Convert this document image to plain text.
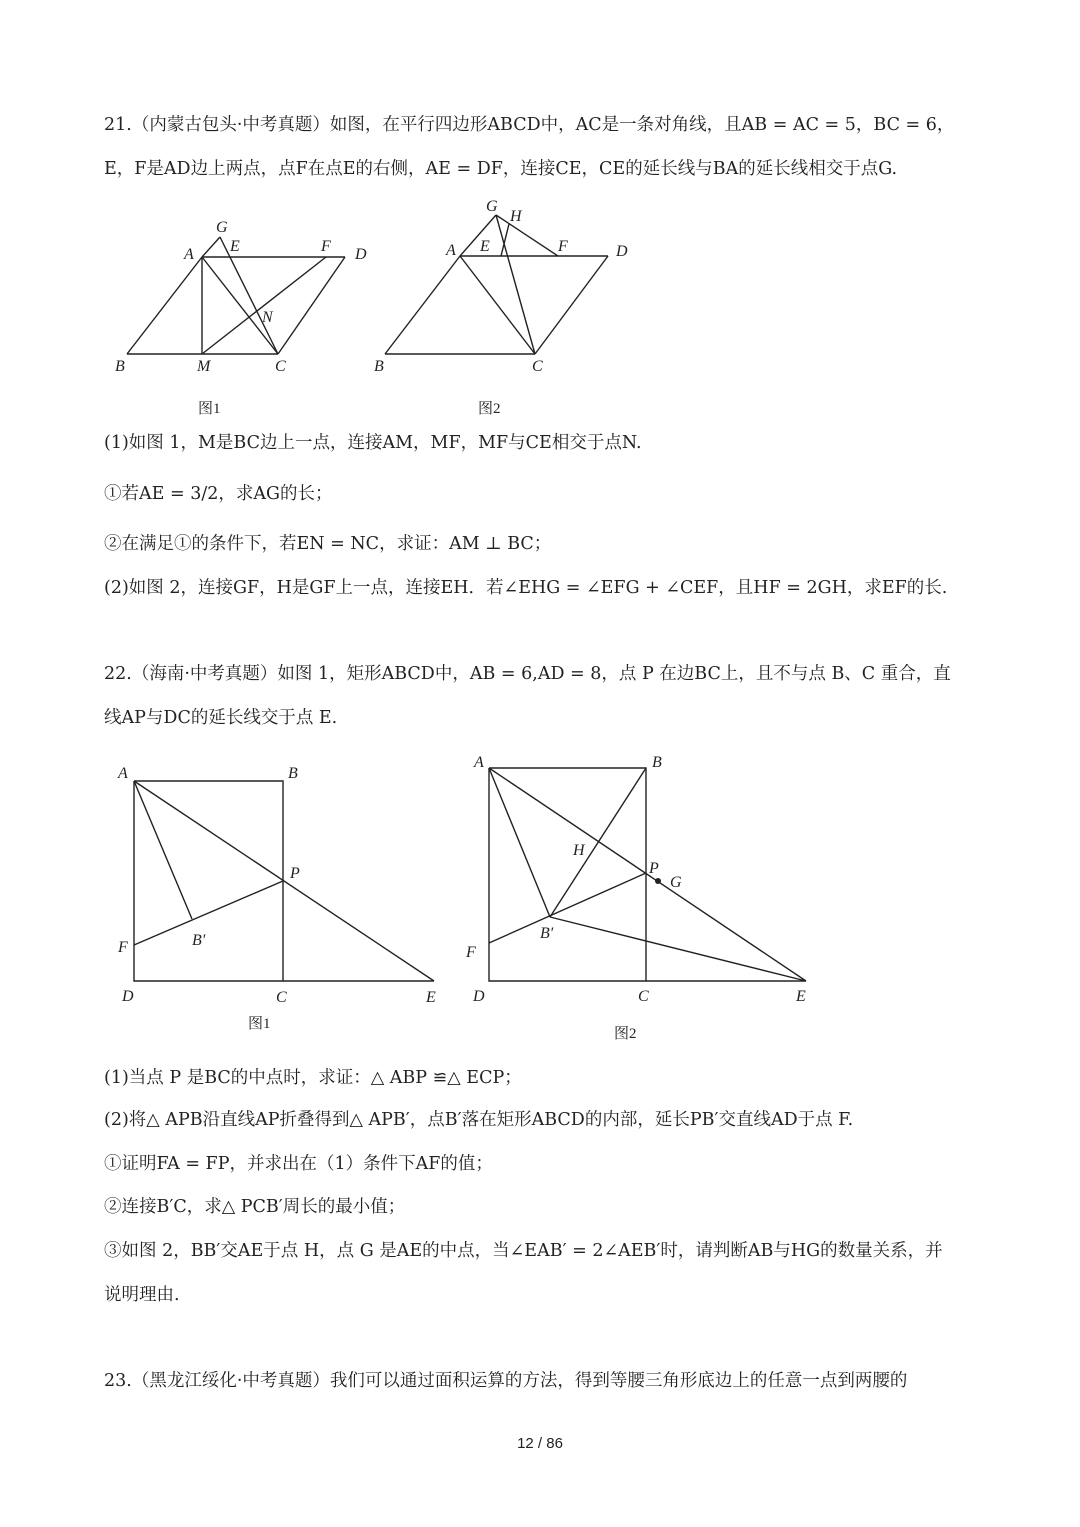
21.（内蒙古包头·中考真题）如图，在平行四边形ABCD中，AC是一条对角线，且AB = AC = 5，BC = 6，
E，F是AD边上两点，点F在点E的右侧，AE = DF，连接CE，CE的延长线与BA的延长线相交于点G.
G
A E	F D
N
B	M	C
图1
G
H
A E	F	D
B	C
图2
(1)如图 1，M是BC边上一点，连接AM，MF，MF与CE相交于点N.
①若AE = 3/2，求AG的长；
②在满足①的条件下，若EN = NC，求证：AM ⊥ BC；
(2)如图 2，连接GF，H是GF上一点，连接EH．若∠EHG = ∠EFG + ∠CEF，且HF = 2GH，求EF的长.
22.（海南·中考真题）如图 1，矩形ABCD中，AB = 6,AD = 8，点 P 在边BC上，且不与点 B、C 重合，直
线AP与DC的延长线交于点 E.
A	B
P
F	B'
D	C	E
图1
A	B
H
P
G
F
B′
D	C	E
图2
(1)当点 P 是BC的中点时，求证：△ ABP ≌△ ECP；
(2)将△ APB沿直线AP折叠得到△ APB′，点B′落在矩形ABCD的内部，延长PB′交直线AD于点 F.
①证明FA = FP，并求出在（1）条件下AF的值；
②连接B′C，求△ PCB′周长的最小值；
③如图 2，BB′交AE于点 H，点 G 是AE的中点，当∠EAB′ = 2∠AEB′时，请判断AB与HG的数量关系，并
说明理由.
23.（黑龙江绥化·中考真题）我们可以通过面积运算的方法，得到等腰三角形底边上的任意一点到两腰的
12 / 86
